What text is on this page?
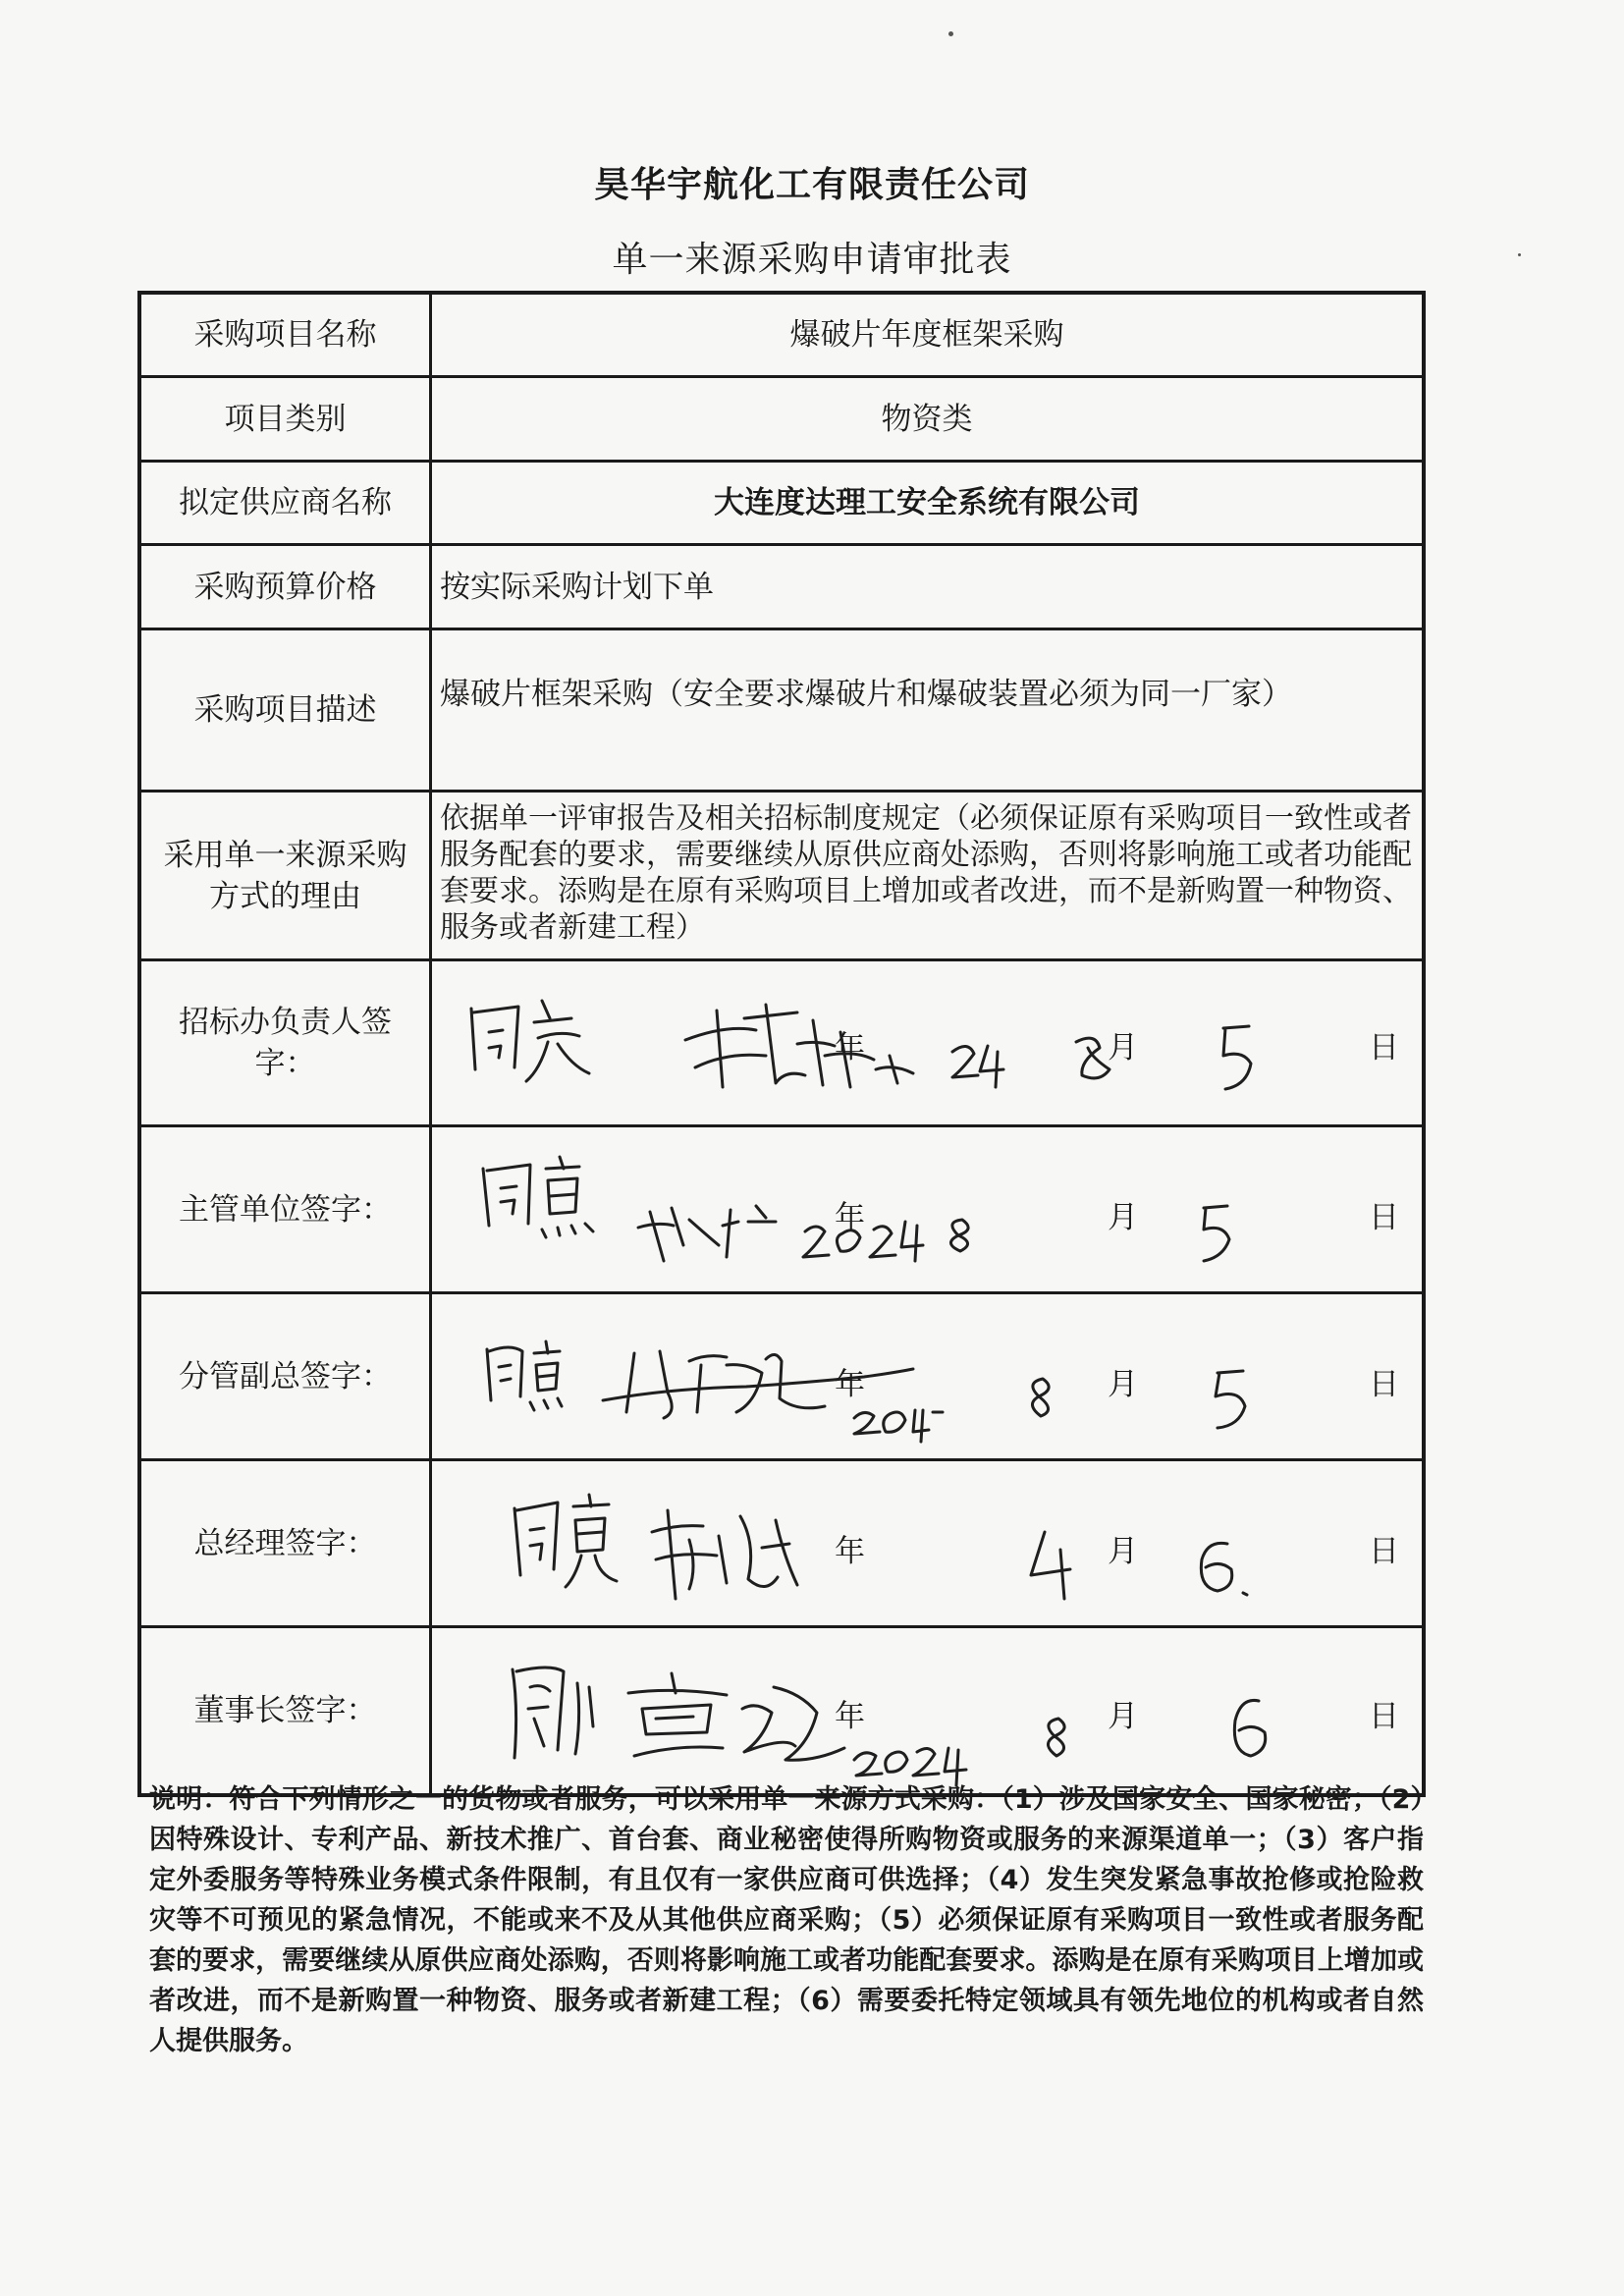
昊华宇航化工有限责任公司
单一来源采购申请审批表
采购项目名称	爆破片年度框架采购
项目类别	物资类
拟定供应商名称	大连度达理工安全系统有限公司
采购预算价格	按实际采购计划下单
采购项目描述	爆破片框架采购（安全要求爆破片和爆破装置必须为同一厂家）
采用单一来源采购方式的理由
依据单一评审报告及相关招标制度规定（必须保证原有采购项目一致性或者服务配套的要求，需要继续从原供应商处添购，否则将影响施工或者功能配套要求。添购是在原有采购项目上增加或者改进，而不是新购置一种物资、服务或者新建工程）
招标办负责人签字：	年	月	日
主管单位签字：	年	月	日
分管副总签字：	年	月	日
总经理签字：	年	月	日
董事长签字：	年	月	日
说明：符合下列情形之一的货物或者服务，可以采用单一来源方式采购：（1）涉及国家安全、国家秘密；（2）因特殊设计、专利产品、新技术推广、首台套、商业秘密使得所购物资或服务的来源渠道单一；（3）客户指定外委服务等特殊业务模式条件限制，有且仅有一家供应商可供选择；（4）发生突发紧急事故抢修或抢险救灾等不可预见的紧急情况，不能或来不及从其他供应商采购；（5）必须保证原有采购项目一致性或者服务配套的要求，需要继续从原供应商处添购，否则将影响施工或者功能配套要求。添购是在原有采购项目上增加或者改进，而不是新购置一种物资、服务或者新建工程；（6）需要委托特定领域具有领先地位的机构或者自然人提供服务。
